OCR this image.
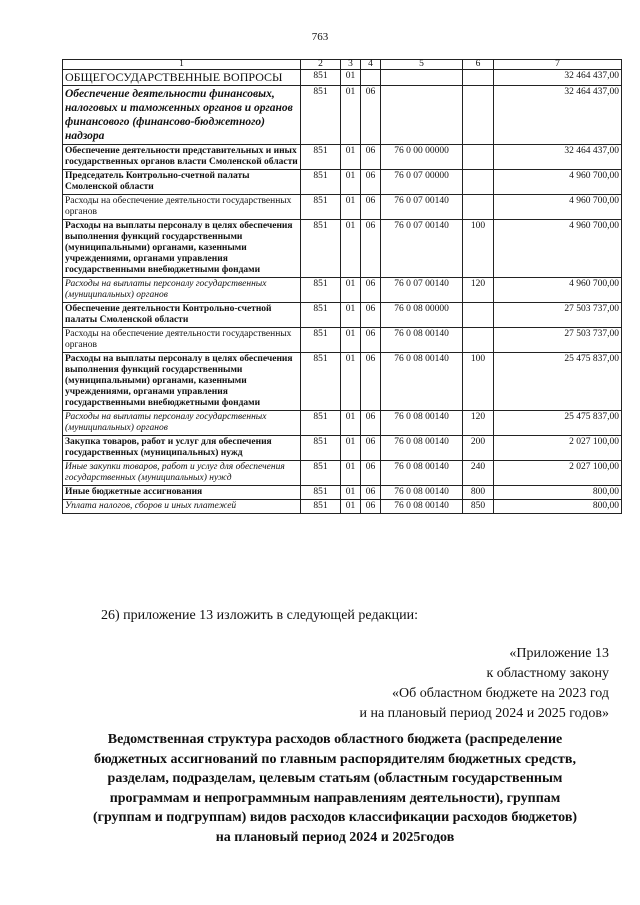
763
1	2	3	4	5	6	7
ОБЩЕГОСУДАРСТВЕННЫЕ ВОПРОСЫ	851	01				32 464 437,00
Обеспечение деятельности финансовых, налоговых и таможенных органов и органов финансового (финансово-бюджетного) надзора	851	01	06			32 464 437,00
Обеспечение деятельности представительных и иных государственных органов власти Смоленской области	851	01	06	76 0 00 00000		32 464 437,00
Председатель Контрольно-счетной палаты Смоленской области	851	01	06	76 0 07 00000		4 960 700,00
Расходы на обеспечение деятельности государственных органов	851	01	06	76 0 07 00140		4 960 700,00
Расходы на выплаты персоналу в целях обеспечения выполнения функций государственными (муниципальными) органами, казенными учреждениями, органами управления государственными внебюджетными фондами	851	01	06	76 0 07 00140	100	4 960 700,00
Расходы на выплаты персоналу государственных (муниципальных) органов	851	01	06	76 0 07 00140	120	4 960 700,00
Обеспечение деятельности Контрольно-счетной палаты Смоленской области	851	01	06	76 0 08 00000		27 503 737,00
Расходы на обеспечение деятельности государственных органов	851	01	06	76 0 08 00140		27 503 737,00
Расходы на выплаты персоналу в целях обеспечения выполнения функций государственными (муниципальными) органами, казенными учреждениями, органами управления государственными внебюджетными фондами	851	01	06	76 0 08 00140	100	25 475 837,00
Расходы на выплаты персоналу государственных (муниципальных) органов	851	01	06	76 0 08 00140	120	25 475 837,00
Закупка товаров, работ и услуг для обеспечения государственных (муниципальных) нужд	851	01	06	76 0 08 00140	200	2 027 100,00
Иные закупки товаров, работ и услуг для обеспечения государственных (муниципальных) нужд	851	01	06	76 0 08 00140	240	2 027 100,00
Иные бюджетные ассигнования	851	01	06	76 0 08 00140	800	800,00
Уплата налогов, сборов и иных платежей	851	01	06	76 0 08 00140	850	800,00
26) приложение 13 изложить в следующей редакции:
«Приложение 13
к областному закону
«Об областном бюджете на 2023 год
и на плановый период 2024 и 2025 годов»
Ведомственная структура расходов областного бюджета (распределение
бюджетных ассигнований по главным распорядителям бюджетных средств,
разделам, подразделам, целевым статьям (областным государственным
программам и непрограммным направлениям деятельности), группам
(группам и подгруппам) видов расходов классификации расходов бюджетов)
на плановый период 2024 и 2025годов
